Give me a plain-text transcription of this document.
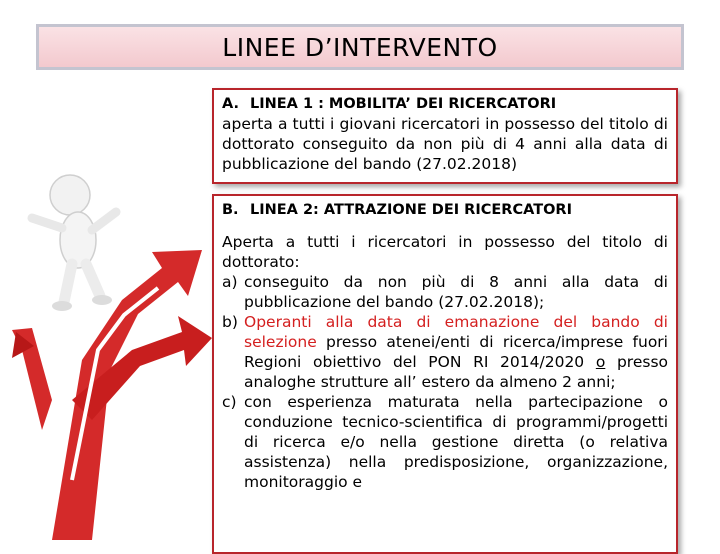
LINEE D’INTERVENTO
A. LINEA 1 : MOBILITA’ DEI RICERCATORI

aperta a tutti i giovani ricercatori in possesso del titolo di dottorato conseguito da non più di 4 anni alla data di pubblicazione del bando (27.02.2018)

B. LINEA 2: ATTRAZIONE DEI RICERCATORI

Aperta a tutti i ricercatori in possesso del titolo di dottorato:

a) conseguito da non più di 8 anni alla data di pubblicazione del bando (27.02.2018);
b) Operanti alla data di emanazione del bando di selezione presso atenei/enti di ricerca/imprese fuori Regioni obiettivo del PON RI 2014/2020 o presso analoghe strutture all’ estero da almeno 2 anni;
c) con esperienza maturata nella partecipazione o conduzione tecnico-scientifica di programmi/progetti di ricerca e/o nella gestione diretta (o relativa assistenza) nella predisposizione, organizzazione, monitoraggio e
